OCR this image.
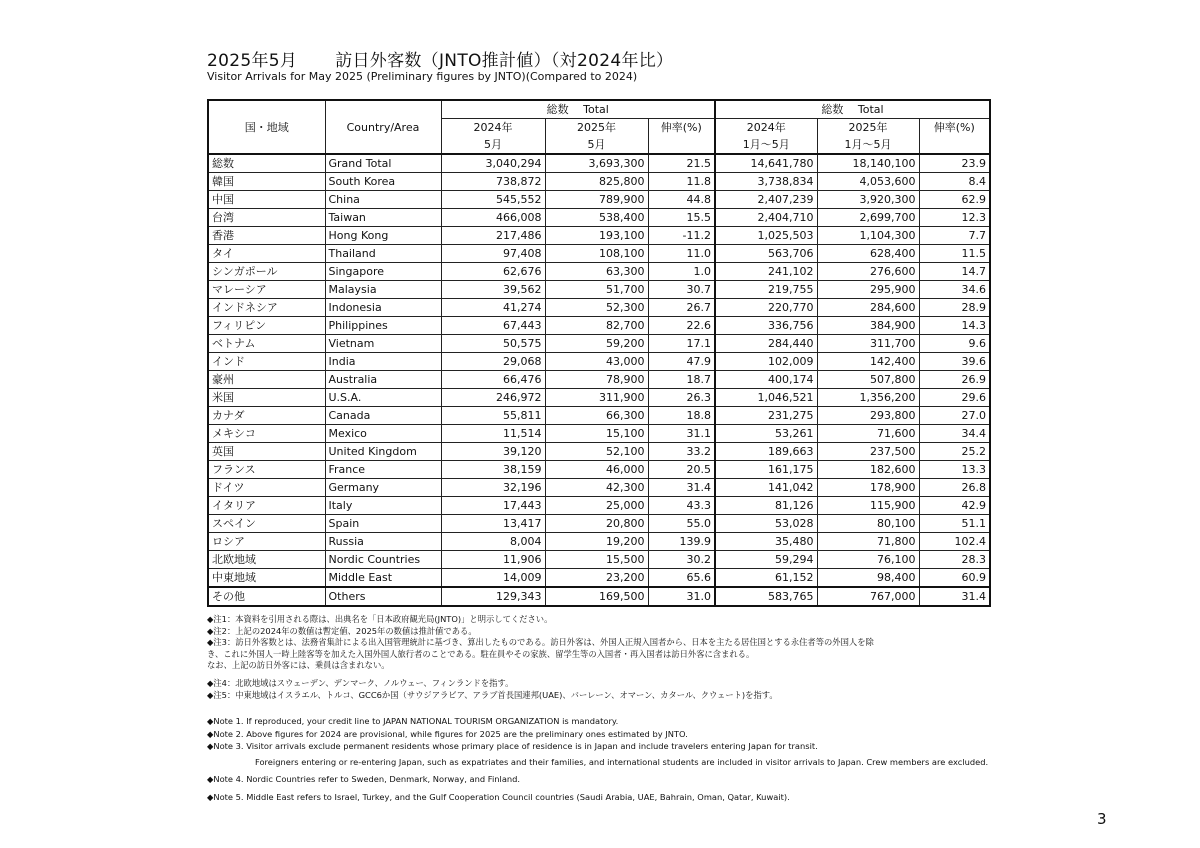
2025年5月 訪日外客数（JNTO推計値）（対2024年比）
Visitor Arrivals for May 2025 (Preliminary figures by JNTO)(Compared to 2024)
国・地域	Country/Area	総数　 Total			総数　 Total		
		2024年	2025年	伸率(%)	2024年	2025年	伸率(%)
		5月	5月		1月～5月	1月～5月	
総数	Grand Total	3,040,294	3,693,300	21.5	14,641,780	18,140,100	23.9
韓国	South Korea	738,872	825,800	11.8	3,738,834	4,053,600	8.4
中国	China	545,552	789,900	44.8	2,407,239	3,920,300	62.9
台湾	Taiwan	466,008	538,400	15.5	2,404,710	2,699,700	12.3
香港	Hong Kong	217,486	193,100	-11.2	1,025,503	1,104,300	7.7
タイ	Thailand	97,408	108,100	11.0	563,706	628,400	11.5
シンガポール	Singapore	62,676	63,300	1.0	241,102	276,600	14.7
マレーシア	Malaysia	39,562	51,700	30.7	219,755	295,900	34.6
インドネシア	Indonesia	41,274	52,300	26.7	220,770	284,600	28.9
フィリピン	Philippines	67,443	82,700	22.6	336,756	384,900	14.3
ベトナム	Vietnam	50,575	59,200	17.1	284,440	311,700	9.6
インド	India	29,068	43,000	47.9	102,009	142,400	39.6
豪州	Australia	66,476	78,900	18.7	400,174	507,800	26.9
米国	U.S.A.	246,972	311,900	26.3	1,046,521	1,356,200	29.6
カナダ	Canada	55,811	66,300	18.8	231,275	293,800	27.0
メキシコ	Mexico	11,514	15,100	31.1	53,261	71,600	34.4
英国	United Kingdom	39,120	52,100	33.2	189,663	237,500	25.2
フランス	France	38,159	46,000	20.5	161,175	182,600	13.3
ドイツ	Germany	32,196	42,300	31.4	141,042	178,900	26.8
イタリア	Italy	17,443	25,000	43.3	81,126	115,900	42.9
スペイン	Spain	13,417	20,800	55.0	53,028	80,100	51.1
ロシア	Russia	8,004	19,200	139.9	35,480	71,800	102.4
北欧地域	Nordic Countries	11,906	15,500	30.2	59,294	76,100	28.3
中東地域	Middle East	14,009	23,200	65.6	61,152	98,400	60.9
その他	Others	129,343	169,500	31.0	583,765	767,000	31.4
◆注1：本資料を引用される際は、出典名を「日本政府観光局(JNTO)」と明示してください。
◆注2：上記の2024年の数値は暫定値、2025年の数値は推計値である。
◆注3：訪日外客数とは、法務省集計による出入国管理統計に基づき、算出したものである。訪日外客は、外国人正規入国者から、日本を主たる居住国とする永住者等の外国人を除
き、これに外国人一時上陸客等を加えた入国外国人旅行者のことである。駐在員やその家族、留学生等の入国者・再入国者は訪日外客に含まれる。
なお、上記の訪日外客には、乗員は含まれない。
◆注4：北欧地域はスウェーデン、デンマーク、ノルウェー、フィンランドを指す。
◆注5：中東地域はイスラエル、トルコ、GCC6か国（サウジアラビア、アラブ首長国連邦(UAE)、バーレーン、オマーン、カタール、クウェート)を指す。
◆Note 1. If reproduced, your credit line to JAPAN NATIONAL TOURISM ORGANIZATION is mandatory.
◆Note 2. Above figures for 2024 are provisional, while figures for 2025 are the preliminary ones estimated by JNTO.
◆Note 3. Visitor arrivals exclude permanent residents whose primary place of residence is in Japan and include travelers entering Japan for transit.
Foreigners entering or re-entering Japan, such as expatriates and their families, and international students are included in visitor arrivals to Japan. Crew members are excluded.
◆Note 4. Nordic Countries refer to Sweden, Denmark, Norway, and Finland.
◆Note 5. Middle East refers to Israel, Turkey, and the Gulf Cooperation Council countries (Saudi Arabia, UAE, Bahrain, Oman, Qatar, Kuwait).
3
